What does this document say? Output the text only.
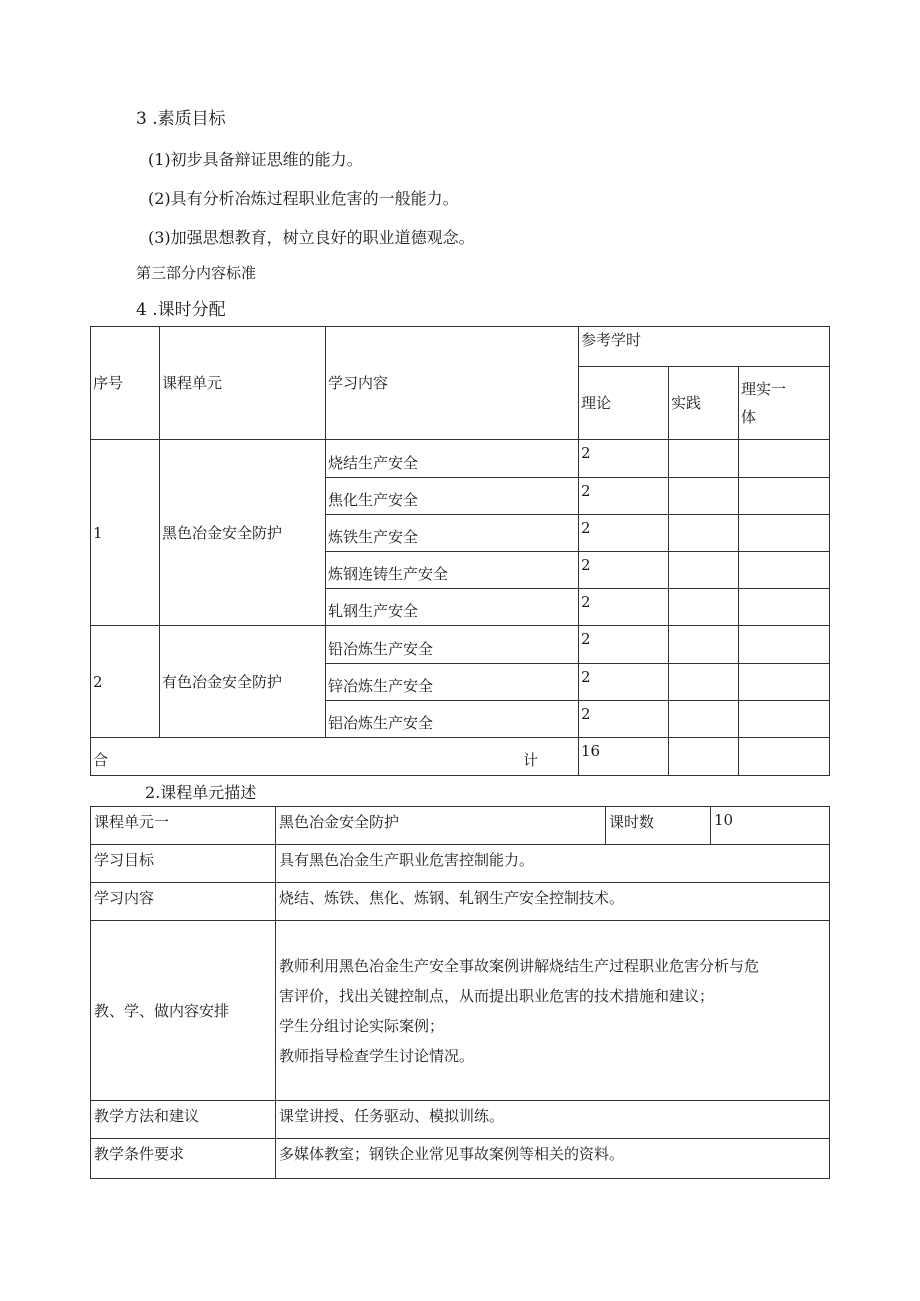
3 .素质目标
(1)初步具备辩证思维的能力。
(2)具有分析冶炼过程职业危害的一般能力。
(3)加强思想教育，树立良好的职业道德观念。
第三部分内容标准
4 .课时分配
序号	课程单元	学习内容	参考学时		
			理论	实践	理实一
体

1	黑色冶金安全防护	烧结生产安全	2		
		焦化生产安全	2		
		炼铁生产安全	2		
		炼钢连铸生产安全	2		
		轧钢生产安全	2		
2	有色冶金安全防护	铅冶炼生产安全	2		
		锌冶炼生产安全	2		
		铝冶炼生产安全	2		

合 计			16		
2.课程单元描述
课程单元一	黑色冶金安全防护	课时数	10
学习目标	具有黑色冶金生产职业危害控制能力。		
学习内容	烧结、炼铁、焦化、炼钢、轧钢生产安全控制技术。		
教、学、做内容安排	教师利用黑色冶金生产安全事故案例讲解烧结生产过程职业危害分析与危

害评价，找出关键控制点，从而提出职业危害的技术措施和建议；

学生分组讨论实际案例；

教师指导检查学生讨论情况。		

教学方法和建议	课堂讲授、任务驱动、模拟训练。		
教学条件要求	多媒体教室；钢铁企业常见事故案例等相关的资料。		
